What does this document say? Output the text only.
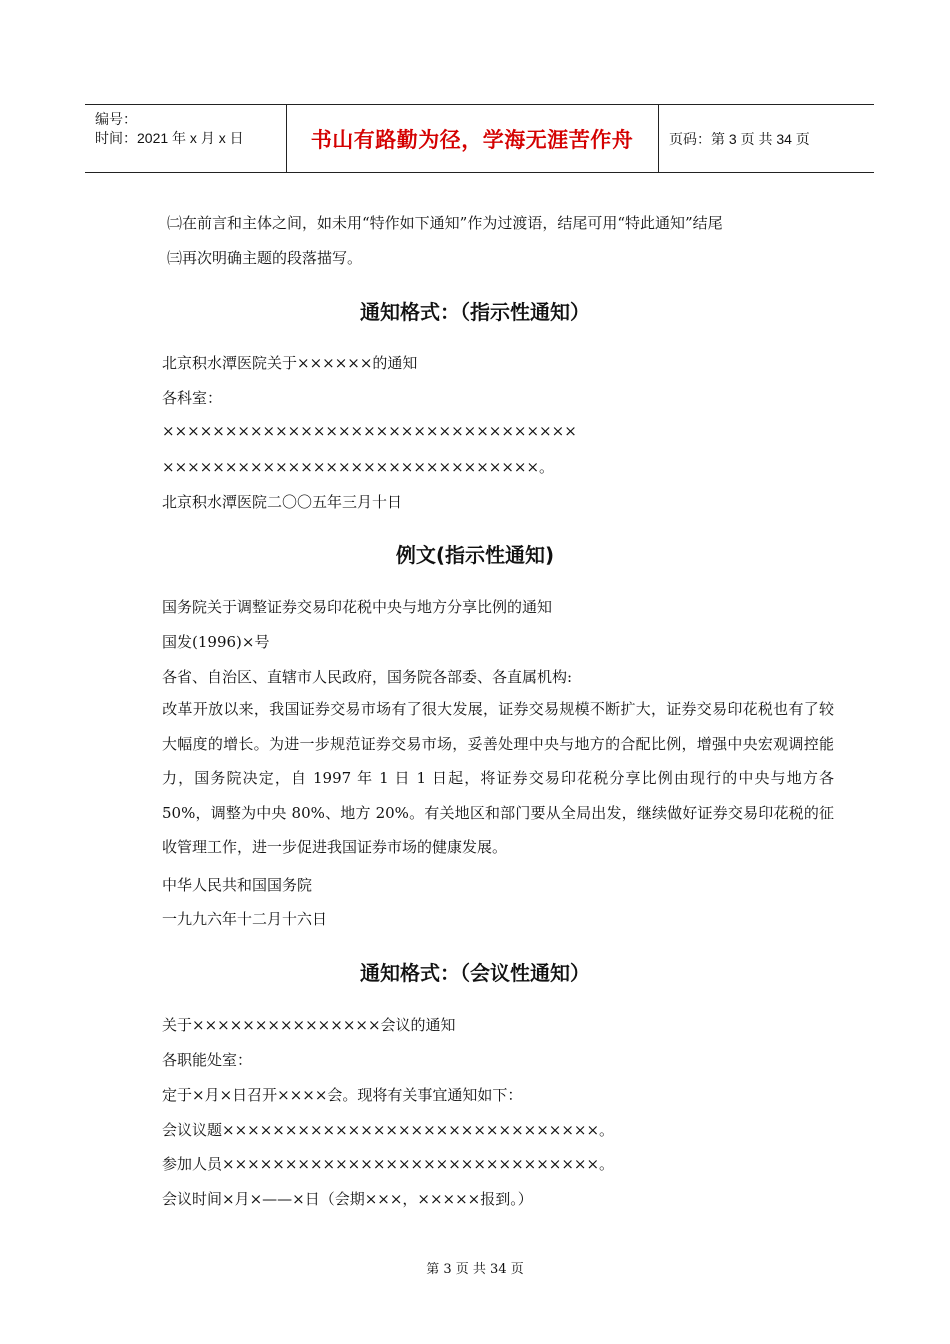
编号：
时间：2021 年 x 月 x 日	书山有路勤为径，学海无涯苦作舟	页码：第 3 页 共 34 页
㈡在前言和主体之间，如未用“特作如下通知”作为过渡语，结尾可用“特此通知”结尾
㈢再次明确主题的段落描写。
通知格式：（指示性通知）
北京积水潭医院关于××××××的通知
各科室：
×××××××××××××××××××××××××××××××××
××××××××××××××××××××××××××××××。
北京积水潭医院二〇〇五年三月十日
例文(指示性通知)
国务院关于调整证券交易印花税中央与地方分享比例的通知
国发(1996)×号
各省、自治区、直辖市人民政府，国务院各部委、各直属机构:
改革开放以来，我国证券交易市场有了很大发展，证券交易规模不断扩大，证券交易印花税也有了较大幅度的增长。为进一步规范证券交易市场，妥善处理中央与地方的合配比例，增强中央宏观调控能力，国务院决定，自 1997 年 1 日 1 日起，将证券交易印花税分享比例由现行的中央与地方各 50%，调整为中央 80%、地方 20%。有关地区和部门要从全局出发，继续做好证券交易印花税的征收管理工作，进一步促进我国证券市场的健康发展。
中华人民共和国国务院
一九九六年十二月十六日
通知格式：（会议性通知）
关于×××××××××××××××会议的通知
各职能处室：
定于×月×日召开××××会。现将有关事宜通知如下：
会议议题××××××××××××××××××××××××××××××。
参加人员××××××××××××××××××××××××××××××。
会议时间×月×——×日（会期×××，×××××报到。）
第 3 页 共 34 页
